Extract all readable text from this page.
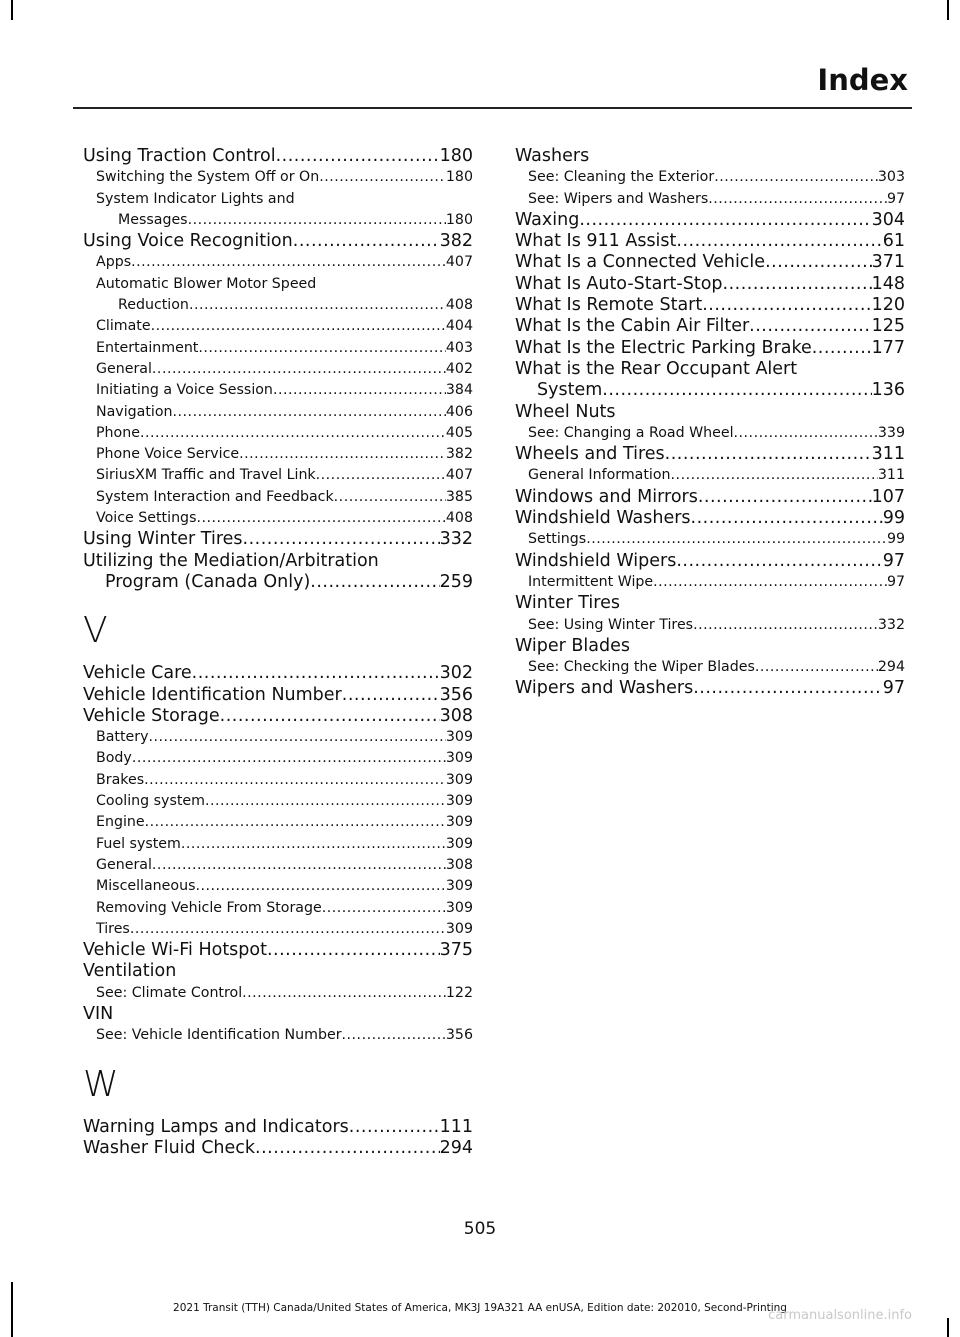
Index
Using Traction Control .....	180
Switching the System Off or On .....	180
System Indicator Lights and
Messages .....	180
Using Voice Recognition .....	382
Apps .....	407
Automatic Blower Motor Speed
Reduction .....	408
Climate .....	404
Entertainment .....	403
General .....	402
Initiating a Voice Session .....	384
Navigation .....	406
Phone .....	405
Phone Voice Service .....	382
SiriusXM Traffic and Travel Link .....	407
System Interaction and Feedback .....	385
Voice Settings .....	408
Using Winter Tires .....	332
Utilizing the Mediation/Arbitration
Program (Canada Only) .....	259
V
Vehicle Care .....	302
Vehicle Identification Number .....	356
Vehicle Storage .....	308
Battery .....	309
Body .....	309
Brakes .....	309
Cooling system .....	309
Engine .....	309
Fuel system .....	309
General .....	308
Miscellaneous .....	309
Removing Vehicle From Storage .....	309
Tires .....	309
Vehicle Wi-Fi Hotspot .....	375
Ventilation
See: Climate Control .....	122
VIN
See: Vehicle Identification Number .....	356
W
Warning Lamps and Indicators .....	111
Washer Fluid Check .....	294
Washers
See: Cleaning the Exterior .....	303
See: Wipers and Washers .....	97
Waxing .....	304
What Is 911 Assist .....	61
What Is a Connected Vehicle .....	371
What Is Auto-Start-Stop .....	148
What Is Remote Start .....	120
What Is the Cabin Air Filter .....	125
What Is the Electric Parking Brake .....	177
What is the Rear Occupant Alert
System .....	136
Wheel Nuts
See: Changing a Road Wheel .....	339
Wheels and Tires .....	311
General Information .....	311
Windows and Mirrors .....	107
Windshield Washers .....	99
Settings .....	99
Windshield Wipers .....	97
Intermittent Wipe .....	97
Winter Tires
See: Using Winter Tires .....	332
Wiper Blades
See: Checking the Wiper Blades .....	294
Wipers and Washers .....	97
505
2021 Transit (TTH) Canada/United States of America, MK3J 19A321 AA enUSA, Edition date: 202010, Second-Printing
carmanualsonline.info
